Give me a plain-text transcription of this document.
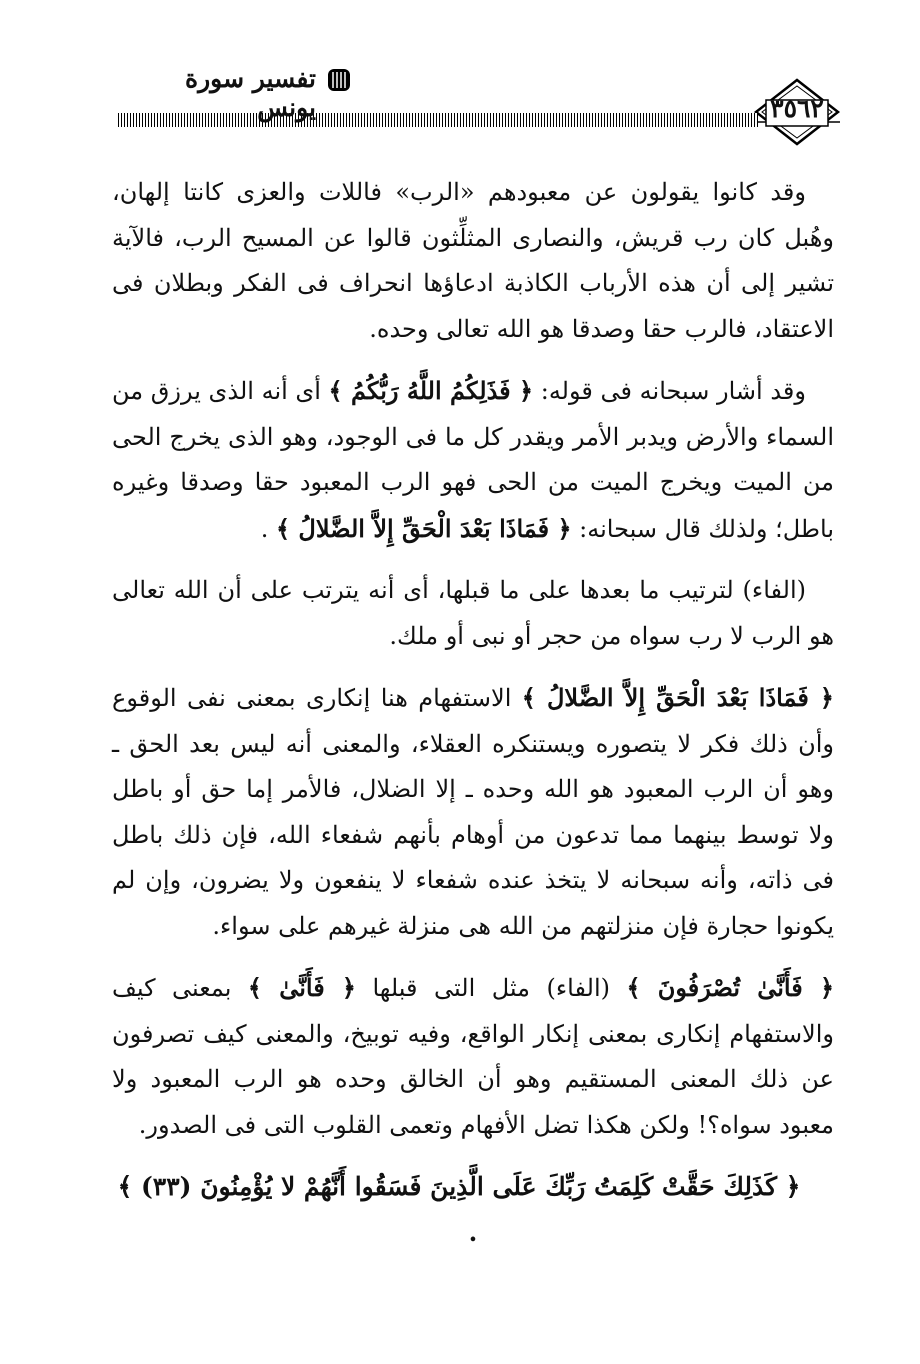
٣٥٦٢
تفسير سورة يونس

وقد كانوا يقولون عن معبودهم «الرب» فاللات والعزى كانتا إلهان، وهُبل كان رب قريش، والنصارى المثلِّثون قالوا عن المسيح الرب، فالآية تشير إلى أن هذه الأرباب الكاذبة ادعاؤها انحراف فى الفكر وبطلان فى الاعتقاد، فالرب حقا وصدقا هو الله تعالى وحده.

وقد أشار سبحانه فى قوله: ﴿ فَذَلِكُمُ اللَّهُ رَبُّكُمُ ﴾ أى أنه الذى يرزق من السماء والأرض ويدبر الأمر ويقدر كل ما فى الوجود، وهو الذى يخرج الحى من الميت ويخرج الميت من الحى فهو الرب المعبود حقا وصدقا وغيره باطل؛ ولذلك قال سبحانه: ﴿ فَمَاذَا بَعْدَ الْحَقِّ إِلاَّ الضَّلالُ ﴾ .

(الفاء) لترتيب ما بعدها على ما قبلها، أى أنه يترتب على أن الله تعالى هو الرب لا رب سواه من حجر أو نبى أو ملك.

﴿ فَمَاذَا بَعْدَ الْحَقِّ إِلاَّ الضَّلالُ ﴾ الاستفهام هنا إنكارى بمعنى نفى الوقوع وأن ذلك فكر لا يتصوره ويستنكره العقلاء، والمعنى أنه ليس بعد الحق ـ وهو أن الرب المعبود هو الله وحده ـ إلا الضلال، فالأمر إما حق أو باطل ولا توسط بينهما مما تدعون من أوهام بأنهم شفعاء الله، فإن ذلك باطل فى ذاته، وأنه سبحانه لا يتخذ عنده شفعاء لا ينفعون ولا يضرون، وإن لم يكونوا حجارة فإن منزلتهم من الله هى منزلة غيرهم على سواء.

﴿ فَأَنَّىٰ تُصْرَفُونَ ﴾ (الفاء) مثل التى قبلها ﴿ فَأَنَّىٰ ﴾ بمعنى كيف والاستفهام إنكارى بمعنى إنكار الواقع، وفيه توبيخ، والمعنى كيف تصرفون عن ذلك المعنى المستقيم وهو أن الخالق وحده هو الرب المعبود ولا معبود سواه؟! ولكن هكذا تضل الأفهام وتعمى القلوب التى فى الصدور.

﴿ كَذَلِكَ حَقَّتْ كَلِمَتُ رَبِّكَ عَلَى الَّذِينَ فَسَقُوا أَنَّهُمْ لا يُؤْمِنُونَ (٣٣) ﴾ .
